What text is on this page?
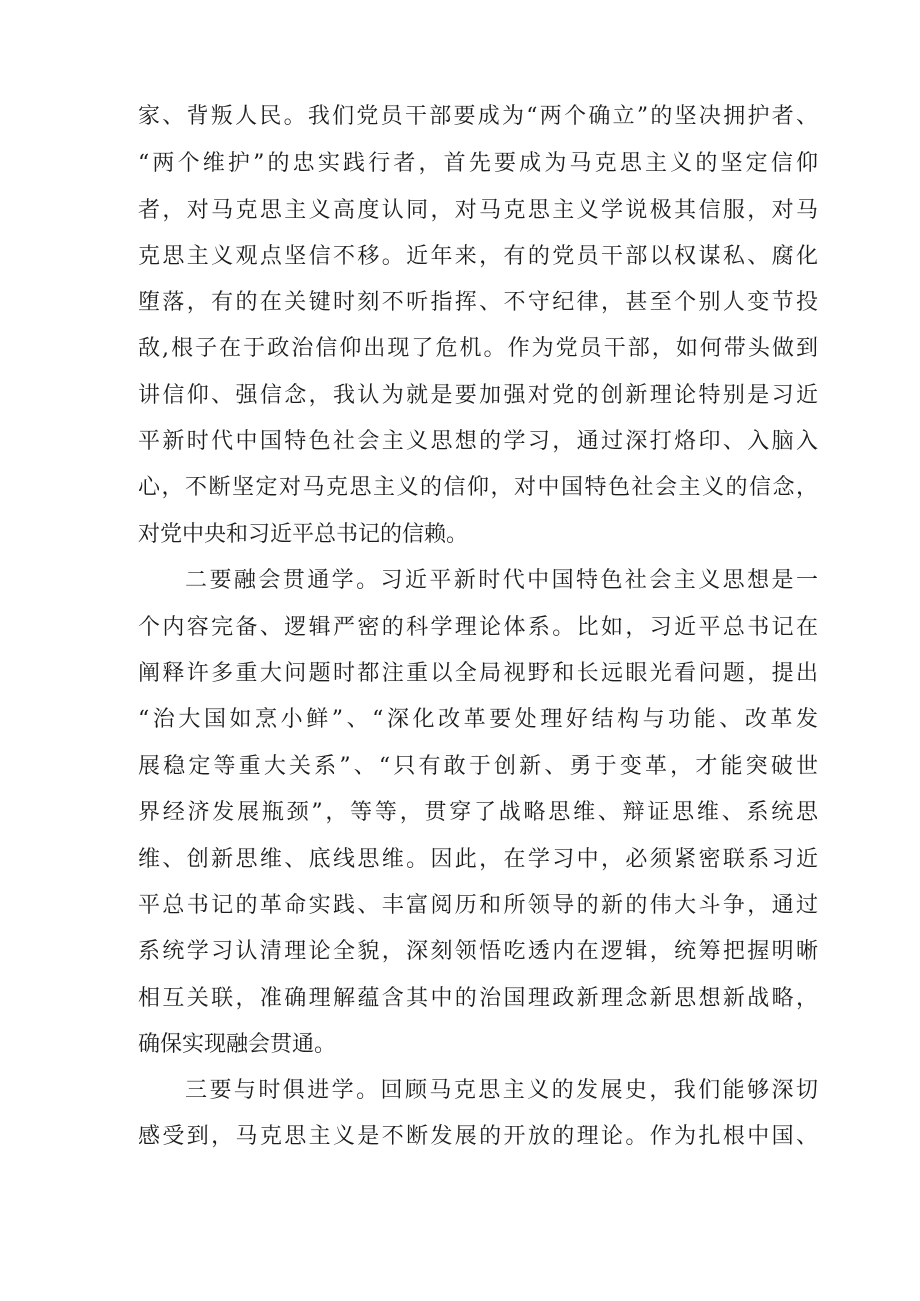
家、背叛人民。我们党员干部要成为“两个确立”的坚决拥护者、
“两个维护”的忠实践行者，首先要成为马克思主义的坚定信仰
者，对马克思主义高度认同，对马克思主义学说极其信服，对马
克思主义观点坚信不移。近年来，有的党员干部以权谋私、腐化
堕落，有的在关键时刻不听指挥、不守纪律，甚至个别人变节投
敌,根子在于政治信仰出现了危机。作为党员干部，如何带头做到
讲信仰、强信念，我认为就是要加强对党的创新理论特别是习近
平新时代中国特色社会主义思想的学习，通过深打烙印、入脑入
心，不断坚定对马克思主义的信仰，对中国特色社会主义的信念，
对党中央和习近平总书记的信赖。
二要融会贯通学。习近平新时代中国特色社会主义思想是一
个内容完备、逻辑严密的科学理论体系。比如，习近平总书记在
阐释许多重大问题时都注重以全局视野和长远眼光看问题，提出
“治大国如烹小鲜”、“深化改革要处理好结构与功能、改革发
展稳定等重大关系”、“只有敢于创新、勇于变革，才能突破世
界经济发展瓶颈”，等等，贯穿了战略思维、辩证思维、系统思
维、创新思维、底线思维。因此，在学习中，必须紧密联系习近
平总书记的革命实践、丰富阅历和所领导的新的伟大斗争，通过
系统学习认清理论全貌，深刻领悟吃透内在逻辑，统筹把握明晰
相互关联，准确理解蕴含其中的治国理政新理念新思想新战略，
确保实现融会贯通。
三要与时俱进学。回顾马克思主义的发展史，我们能够深切
感受到，马克思主义是不断发展的开放的理论。作为扎根中国、
